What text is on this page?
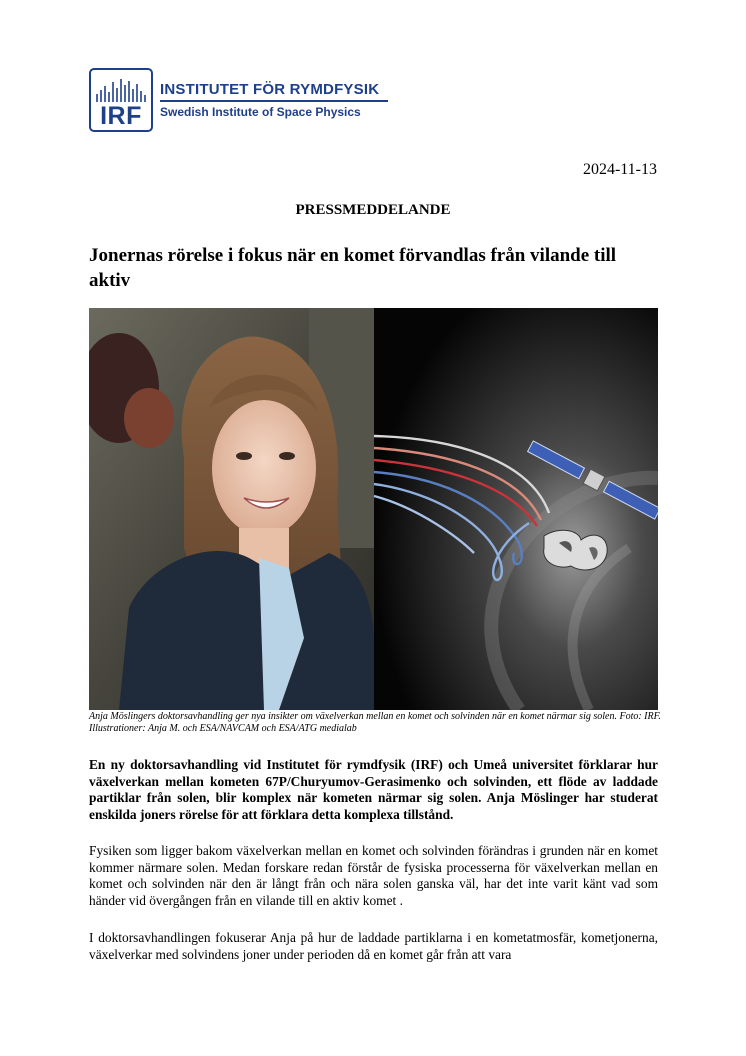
IRF
INSTITUTET FÖR RYMDFYSIK
Swedish Institute of Space Physics
2024-11-13
PRESSMEDDELANDE
Jonernas rörelse i fokus när en komet förvandlas från vilande till aktiv
Anja Möslingers doktorsavhandling ger nya insikter om växelverkan mellan en komet och solvinden när en komet närmar sig solen. Foto: IRF. Illustrationer: Anja M. och ESA/NAVCAM och ESA/ATG medialab
En ny doktorsavhandling vid Institutet för rymdfysik (IRF) och Umeå universitet förklarar hur växelverkan mellan kometen 67P/Churyumov-Gerasimenko och solvinden, ett flöde av laddade partiklar från solen, blir komplex när kometen närmar sig solen. Anja Möslinger har studerat enskilda joners rörelse för att förklara detta komplexa tillstånd.
Fysiken som ligger bakom växelverkan mellan en komet och solvinden förändras i grunden när en komet kommer närmare solen. Medan forskare redan förstår de fysiska processerna för växelverkan mellan en komet och solvinden när den är långt från och nära solen ganska väl, har det inte varit känt vad som händer vid övergången från en vilande till en aktiv komet .
I doktorsavhandlingen fokuserar Anja på hur de laddade partiklarna i en kometatmosfär, kometjonerna, växelverkar med solvindens joner under perioden då en komet går från att vara
